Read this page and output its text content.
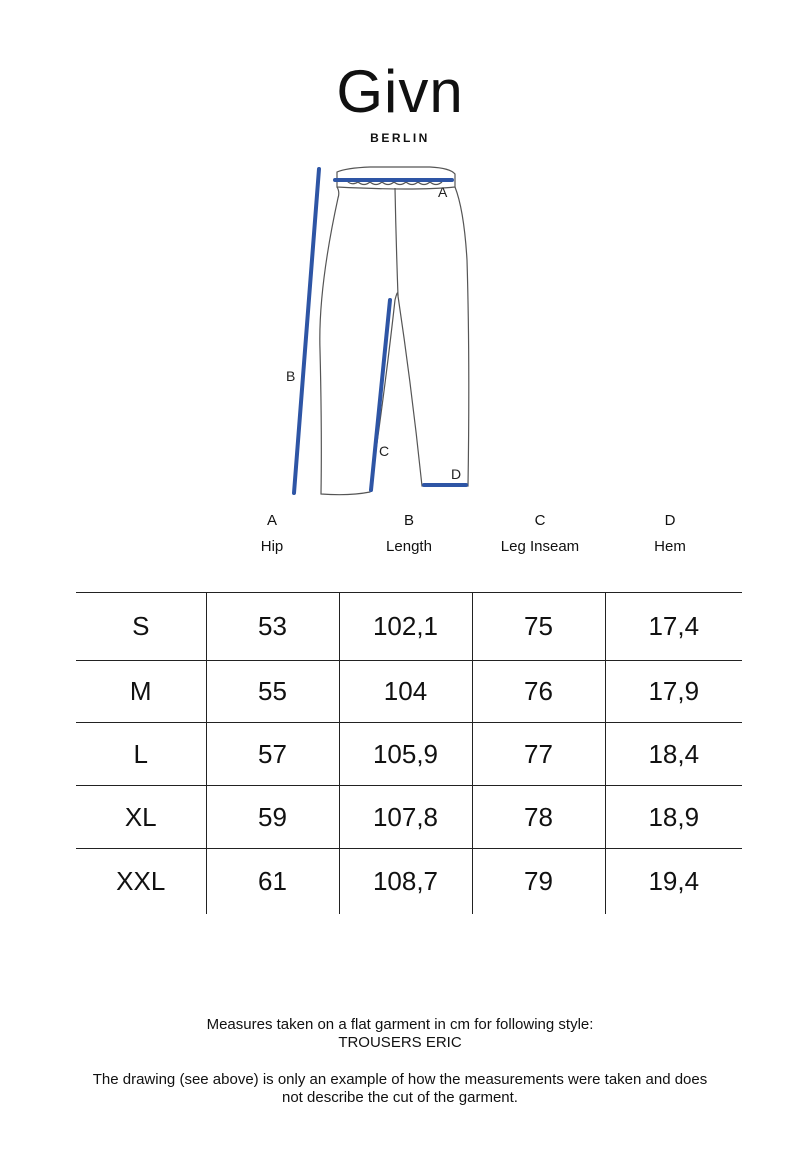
Givn
BERLIN
A
B
C
D
A	B	C	D
Hip	Length	Leg Inseam	Hem
S	53	102,1	75	17,4
M	55	104	76	17,9
L	57	105,9	77	18,4
XL	59	107,8	78	18,9
XXL	61	108,7	79	19,4
Measures taken on a flat garment in cm for following style:
TROUSERS ERIC
The drawing (see above) is only an example of how the measurements were taken and does
not describe the cut of the garment.
